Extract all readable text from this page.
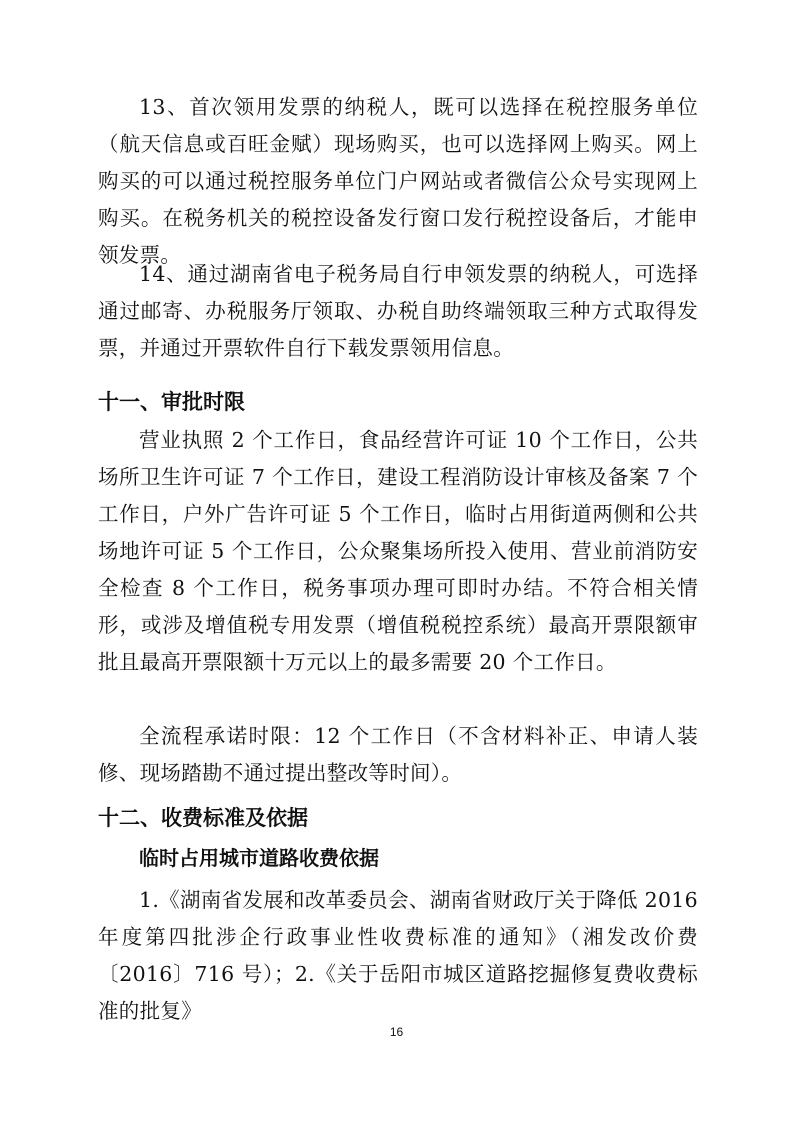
13、首次领用发票的纳税人，既可以选择在税控服务单位（航天信息或百旺金赋）现场购买，也可以选择网上购买。网上购买的可以通过税控服务单位门户网站或者微信公众号实现网上购买。在税务机关的税控设备发行窗口发行税控设备后，才能申领发票。

14、通过湖南省电子税务局自行申领发票的纳税人，可选择通过邮寄、办税服务厅领取、办税自助终端领取三种方式取得发票，并通过开票软件自行下载发票领用信息。

十一、审批时限

营业执照 2 个工作日，食品经营许可证 10 个工作日，公共场所卫生许可证 7 个工作日，建设工程消防设计审核及备案 7 个工作日，户外广告许可证 5 个工作日，临时占用街道两侧和公共场地许可证 5 个工作日，公众聚集场所投入使用、营业前消防安全检查 8 个工作日，税务事项办理可即时办结。不符合相关情形，或涉及增值税专用发票（增值税税控系统）最高开票限额审批且最高开票限额十万元以上的最多需要 20 个工作日。

全流程承诺时限：12 个工作日（不含材料补正、申请人装修、现场踏勘不通过提出整改等时间）。

十二、收费标准及依据
临时占用城市道路收费依据

1.《湖南省发展和改革委员会、湖南省财政厅关于降低 2016 年度第四批涉企行政事业性收费标准的通知》（湘发改价费〔2016〕716 号）；2.《关于岳阳市城区道路挖掘修复费收费标准的批复》

16
